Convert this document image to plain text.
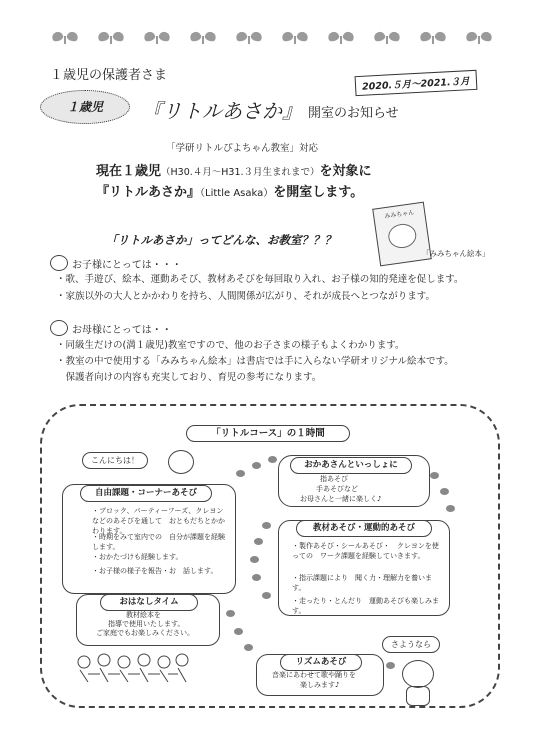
１歳児の保護者さま
１歳児
2020.５月～2021.３月
『リトルあさか』 開室のお知らせ
「学研リトルぴよちゃん教室」対応
現在１歳児（H30.４月～H31.３月生まれまで）を対象に
『リトルあさか』（Little Asaka）を開室します。
みみちゃん
「みみちゃん絵本」
「リトルあさか」ってどんな、お教室？？？
お子様にとっては・・・
・歌、手遊び、絵本、運動あそび、教材あそびを毎回取り入れ、お子様の知的発達を促します。
・家族以外の大人とかかわりを持ち、人間関係が広がり、それが成長へとつながります。
お母様にとっては・・
・同級生だけの(満１歳児)教室ですので、他のお子さまの様子もよくわかります。
・教室の中で使用する「みみちゃん絵本」は書店では手に入らない学研オリジナル絵本です。
　保護者向けの内容も充実しており、育児の参考になります。
「リトルコース」の１時間
こんにちは！
自由課題・コーナーあそび
・ブロック、パーティーフーズ、クレヨンなどのあそびを通して　おともだちとかかわります。
・時期をみて室内での　自分が課題を経験します。
・おかたづけも経験します。
・お子様の様子を報告・お　話します。
おかあさんといっしょに
指あそび
手あそびなど
お母さんと一緒に楽しく♪
教材あそび・運動的あそび
・製作あそび・シールあそび・　クレヨンを使っての　ワーク課題を経験していきます。
・指示課題により　聞く力・理解力を養います。
・走ったり・とんだり　運動あそびも楽しみます。
おはなしタイム
教材絵本を
指導で使用いたします。
ご家庭でもお楽しみください。
リズムあそび
音楽にあわせて歌や踊りを
楽しみます♪
さようなら
